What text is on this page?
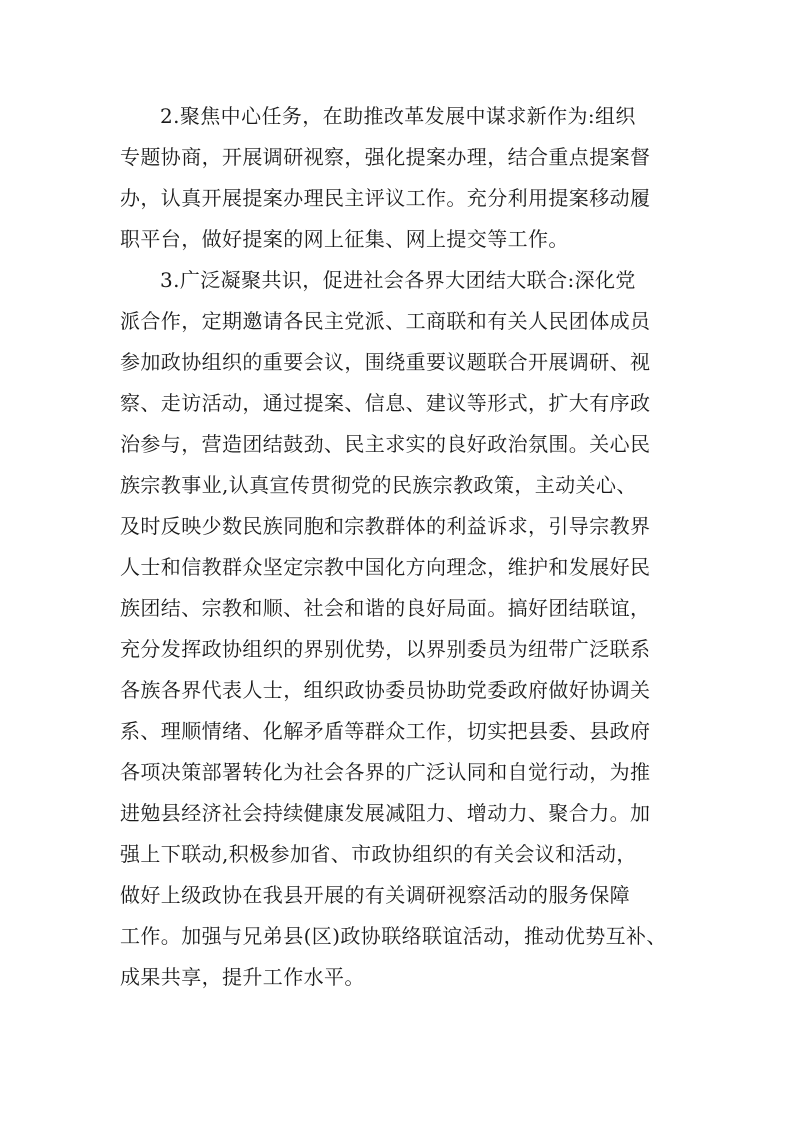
2.聚焦中心任务，在助推改革发展中谋求新作为:组织
专题协商，开展调研视察，强化提案办理，结合重点提案督
办，认真开展提案办理民主评议工作。充分利用提案移动履
职平台，做好提案的网上征集、网上提交等工作。
3.广泛凝聚共识，促进社会各界大团结大联合:深化党
派合作，定期邀请各民主党派、工商联和有关人民团体成员
参加政协组织的重要会议，围绕重要议题联合开展调研、视
察、走访活动，通过提案、信息、建议等形式，扩大有序政
治参与，营造团结鼓劲、民主求实的良好政治氛围。关心民
族宗教事业,认真宣传贯彻党的民族宗教政策，主动关心、
及时反映少数民族同胞和宗教群体的利益诉求，引导宗教界
人士和信教群众坚定宗教中国化方向理念，维护和发展好民
族团结、宗教和顺、社会和谐的良好局面。搞好团结联谊，
充分发挥政协组织的界别优势，以界别委员为纽带广泛联系
各族各界代表人士，组织政协委员协助党委政府做好协调关
系、理顺情绪、化解矛盾等群众工作，切实把县委、县政府
各项决策部署转化为社会各界的广泛认同和自觉行动，为推
进勉县经济社会持续健康发展减阻力、增动力、聚合力。加
强上下联动,积极参加省、市政协组织的有关会议和活动，
做好上级政协在我县开展的有关调研视察活动的服务保障
工作。加强与兄弟县(区)政协联络联谊活动，推动优势互补、
成果共享，提升工作水平。
